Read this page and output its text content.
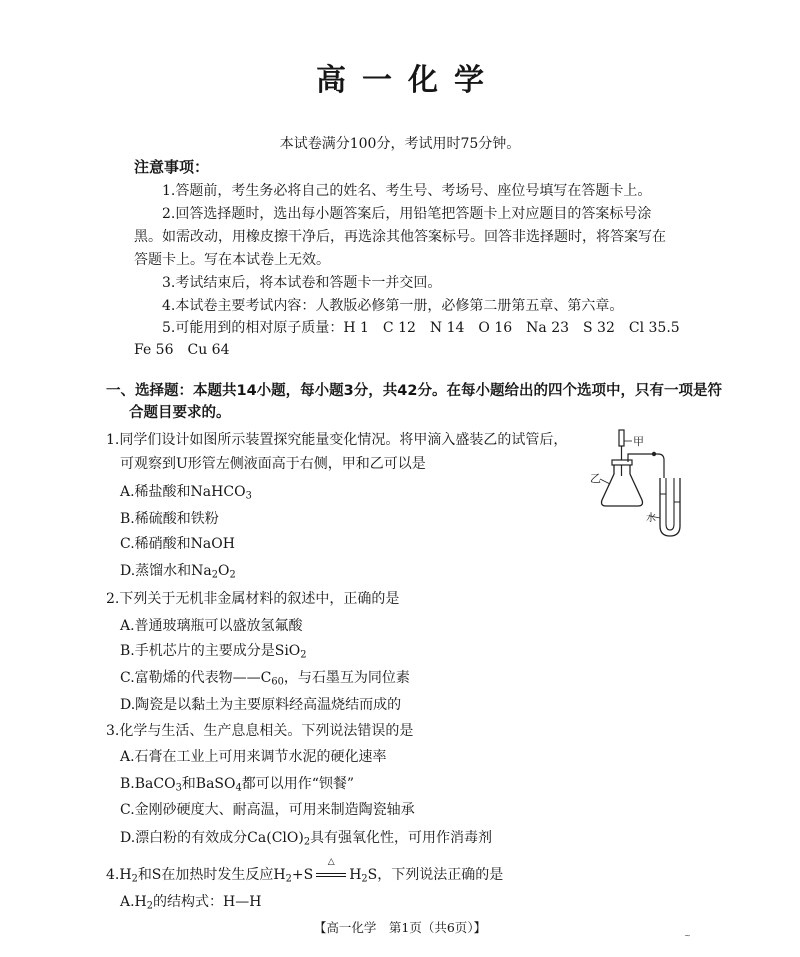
高一化学
本试卷满分100分，考试用时75分钟。
注意事项：
1.答题前，考生务必将自己的姓名、考生号、考场号、座位号填写在答题卡上。
2.回答选择题时，选出每小题答案后，用铅笔把答题卡上对应题目的答案标号涂
黑。如需改动，用橡皮擦干净后，再选涂其他答案标号。回答非选择题时，将答案写在
答题卡上。写在本试卷上无效。
3.考试结束后，将本试卷和答题卡一并交回。
4.本试卷主要考试内容：人教版必修第一册，必修第二册第五章、第六章。
5.可能用到的相对原子质量：H 1　C 12　N 14　O 16　Na 23　S 32　Cl 35.5
Fe 56　Cu 64
一、选择题：本题共14小题，每小题3分，共42分。在每小题给出的四个选项中，只有一项是符
合题目要求的。
1.同学们设计如图所示装置探究能量变化情况。将甲滴入盛装乙的试管后，
可观察到U形管左侧液面高于右侧，甲和乙可以是
A.稀盐酸和NaHCO$_3$
B.稀硫酸和铁粉
C.稀硝酸和NaOH
D.蒸馏水和$Na_2O_2$
甲
乙
水
2.下列关于无机非金属材料的叙述中，正确的是
A.普通玻璃瓶可以盛放氢氟酸
B.手机芯片的主要成分是SiO$_2$
C.富勒烯的代表物$——C_{60}$，与石墨互为同位素
D.陶瓷是以黏土为主要原料经高温烧结而成的
3.化学与生活、生产息息相关。下列说法错误的是
A.石膏在工业上可用来调节水泥的硬化速率
B.BaCO$_3$和BaSO$_4$都可以用作“钡餐”
C.金刚砂硬度大、耐高温，可用来制造陶瓷轴承
D.漂白粉的有效成分$Ca(ClO)_2$具有强氧化性，可用作消毒剂
$4.H_2$和S在加热时发生反应$H_2+S$
△
$H_2S$，下列说法正确的是
$A.H_2$的结构式：H—H
【高一化学　第1页（共6页）】
~
